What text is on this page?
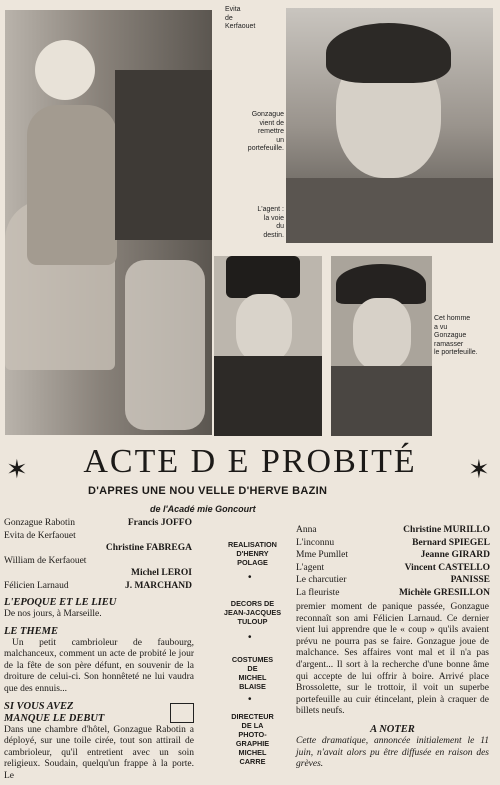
Evita
de
Kerfaouet
Gonzague
vient de
remettre
un
portefeuille.
L'agent :
la voie
du
destin.
Cet homme
a vu
Gonzague
ramasser
le portefeuille.
✶	ACTE D E PROBITÉ	✶
D'APRES UNE NOU VELLE D'HERVE BAZIN
de l'Acadé mie Goncourt
Gonzague Rabotin	Francis JOFFO
Evita de Kerfaouet
Christine FABREGA
William de Kerfaouet
Michel LEROI
Félicien Larnaud	J. MARCHAND
L'EPOQUE ET LE LIEU
De nos jours, à Marseille.
LE THEME
Un petit cambrioleur de faubourg, malchanceux, comment un acte de probité le jour de la fête de son père défunt, en souvenir de la droiture de celui-ci. Son honnêteté ne lui vaudra que des ennuis...
SI VOUS AVEZ
MANQUE LE DEBUT
Dans une chambre d'hôtel, Gonzague Rabotin a déployé, sur une toile cirée, tout son attirail de cambrioleur, qu'il entretient avec un soin religieux. Soudain, quelqu'un frappe à la porte. Le
REALISATION
D'HENRY
POLAGE
•
DECORS DE
JEAN-JACQUES
TULOUP
•
COSTUMES
DE
MICHEL
BLAISE
•
DIRECTEUR
DE LA
PHOTO-
GRAPHIE
MICHEL
CARRE
Anna	Christine MURILLO
L'inconnu	Bernard SPIEGEL
Mme Pumllet	Jeanne GIRARD
L'agent	Vincent CASTELLO
Le charcutier	PANISSE
La fleuriste	Michèle GRESILLON
premier moment de panique passée, Gonzague reconnaît son ami Félicien Larnaud. Ce dernier vient lui apprendre que le « coup » qu'ils avaient prévu ne pourra pas se faire. Gonzague joue de malchance. Ses affaires vont mal et il n'a pas d'argent... Il sort à la recherche d'une bonne âme qui accepte de lui offrir à boire. Arrivé place Brossolette, sur le trottoir, il voit un superbe portefeuille au cuir étincelant, plein à craquer de billets neufs.
A NOTER
Cette dramatique, annoncée initialement le 11 juin, n'avait alors pu être diffusée en raison des grèves.
